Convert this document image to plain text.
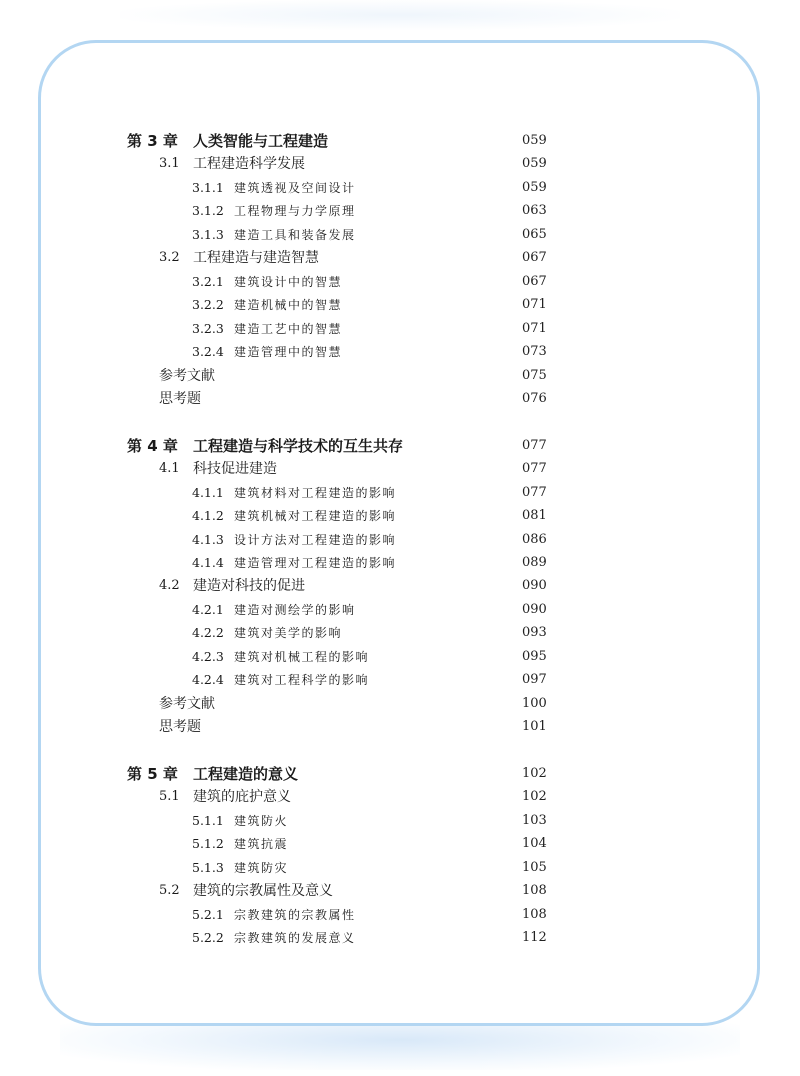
第 3 章 人类智能与工程建造	059
3.1 工程建造科学发展	059
3.1.1 建筑透视及空间设计	059
3.1.2 工程物理与力学原理	063
3.1.3 建造工具和装备发展	065
3.2 工程建造与建造智慧	067
3.2.1 建筑设计中的智慧	067
3.2.2 建造机械中的智慧	071
3.2.3 建造工艺中的智慧	071
3.2.4 建造管理中的智慧	073
参考文献	075
思考题	076
第 4 章 工程建造与科学技术的互生共存	077
4.1 科技促进建造	077
4.1.1 建筑材料对工程建造的影响	077
4.1.2 建筑机械对工程建造的影响	081
4.1.3 设计方法对工程建造的影响	086
4.1.4 建造管理对工程建造的影响	089
4.2 建造对科技的促进	090
4.2.1 建造对测绘学的影响	090
4.2.2 建筑对美学的影响	093
4.2.3 建筑对机械工程的影响	095
4.2.4 建筑对工程科学的影响	097
参考文献	100
思考题	101
第 5 章 工程建造的意义	102
5.1 建筑的庇护意义	102
5.1.1 建筑防火	103
5.1.2 建筑抗震	104
5.1.3 建筑防灾	105
5.2 建筑的宗教属性及意义	108
5.2.1 宗教建筑的宗教属性	108
5.2.2 宗教建筑的发展意义	112
